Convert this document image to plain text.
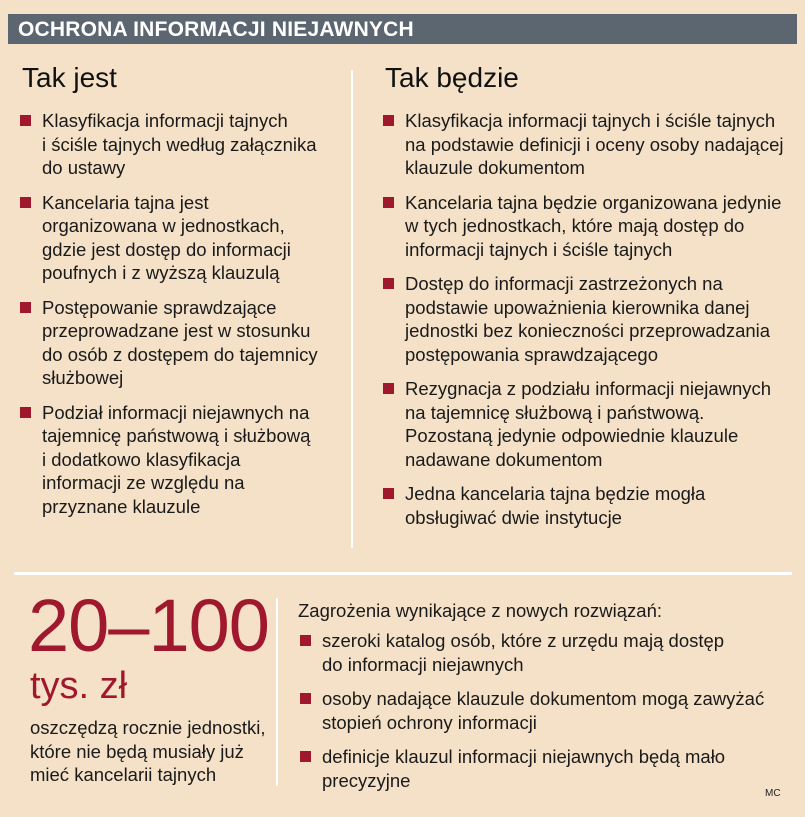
OCHRONA INFORMACJI NIEJAWNYCH
Tak jest
Klasyfikacja informacji tajnych
i ściśle tajnych według załącznika
do ustawy
Kancelaria tajna jest
organizowana w jednostkach,
gdzie jest dostęp do informacji
poufnych i z wyższą klauzulą
Postępowanie sprawdzające
przeprowadzane jest w stosunku
do osób z dostępem do tajemnicy
służbowej
Podział informacji niejawnych na
tajemnicę państwową i służbową
i dodatkowo klasyfikacja
informacji ze względu na
przyznane klauzule
Tak będzie
Klasyfikacja informacji tajnych i ściśle tajnych
na podstawie definicji i oceny osoby nadającej
klauzule dokumentom
Kancelaria tajna będzie organizowana jedynie
w tych jednostkach, które mają dostęp do
informacji tajnych i ściśle tajnych
Dostęp do informacji zastrzeżonych na
podstawie upoważnienia kierownika danej
jednostki bez konieczności przeprowadzania
postępowania sprawdzającego
Rezygnacja z podziału informacji niejawnych
na tajemnicę służbową i państwową.
Pozostaną jedynie odpowiednie klauzule
nadawane dokumentom
Jedna kancelaria tajna będzie mogła
obsługiwać dwie instytucje
20–100
tys. zł
oszczędzą rocznie jednostki,
które nie będą musiały już
mieć kancelarii tajnych
Zagrożenia wynikające z nowych rozwiązań:
szeroki katalog osób, które z urzędu mają dostęp
do informacji niejawnych
osoby nadające klauzule dokumentom mogą zawyżać
stopień ochrony informacji
definicje klauzul informacji niejawnych będą mało
precyzyjne
MC
